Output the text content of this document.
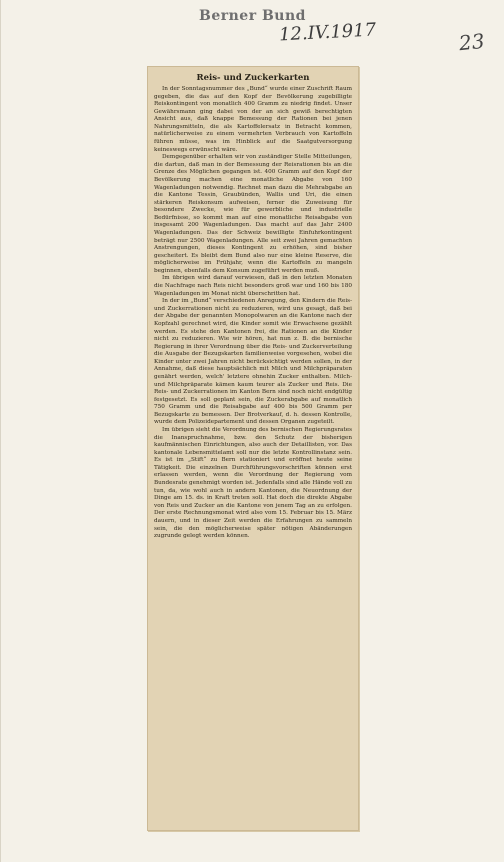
Berner Bund
12.IV.1917	23
Reis- und Zuckerkarten

In der Sonntagsnummer des „Bund“ wurde einer Zuschrift Raum gegeben, die das auf den Kopf der Bevölkerung zugebilligte Reiskontingent von monatlich 400 Gramm zu niedrig findet. Unser Gewährsmann ging dabei von der an sich gewiß berechtigten Ansicht aus, daß knappe Bemessung der Rationen bei jenen Nahrungsmitteln, die als Kartoffelersatz in Betracht kommen, natürlicherweise zu einem vermehrten Verbrauch von Kartoffeln führen müsse, was im Hinblick auf die Saatgutversorgung keineswegs erwünscht wäre.

Demgegenüber erhalten wir von zuständiger Stelle Mitteilungen, die dartun, daß man in der Bemessung der Reisrationen bis an die Grenze des Möglichen gegangen ist. 400 Gramm auf den Kopf der Bevölkerung machen eine monatliche Abgabe von 160 Wagenladungen notwendig. Rechnet man dazu die Mehrabgabe an die Kantone Tessin, Graubünden, Wallis und Uri, die einen stärkeren Reiskonsum aufweisen, ferner die Zuweisung für besondere Zwecke, wie für gewerbliche und industrielle Bedürfnisse, so kommt man auf eine monatliche Reisabgabe von insgesamt 200 Wagenladungen. Das macht auf das Jahr 2400 Wagenladungen. Das der Schweiz bewilligte Einfuhrkontingent beträgt nur 2500 Wagenladungen. Alle seit zwei Jahren gemachten Anstrengungen, dieses Kontingent zu erhöhen, sind bisher gescheitert. Es bleibt dem Bund also nur eine kleine Reserve, die möglicherweise im Frühjahr, wenn die Kartoffeln zu mangeln beginnen, ebenfalls dem Konsum zugeführt werden muß.

Im übrigen wird darauf verwiesen, daß in den letzten Monaten die Nachfrage nach Reis nicht besonders groß war und 160 bis 180 Wagenladungen im Monat nicht überschritten hat.

In der im „Bund“ verschiedenen Anregung, den Kindern die Reis- und Zuckerrationen nicht zu reduzieren, wird uns gesagt, daß bei der Abgabe der genannten Monopolwaren an die Kantone nach der Kopfzahl gerechnet wird, die Kinder somit wie Erwachsene gezählt werden. Es stehe den Kantonen frei, die Rationen an die Kinder nicht zu reduzieren. Wie wir hören, hat nun z. B. die bernische Regierung in ihrer Verordnung über die Reis- und Zuckerverteilung die Ausgabe der Bezugskarten familienweise vorgesehen, wobei die Kinder unter zwei Jahren nicht berücksichtigt werden sollen, in der Annahme, daß diese hauptsächlich mit Milch und Milchpräparaten genährt werden, welch' letztere ohnehin Zucker enthalten. Milch- und Milchpräparate kämen kaum teurer als Zucker und Reis. Die Reis- und Zuckerrationen im Kanton Bern sind noch nicht endgültig festgesetzt. Es soll geplant sein, die Zuckerabgabe auf monatlich 750 Gramm und die Reisabgabe auf 400 bis 500 Gramm per Bezugskarte zu bemessen. Der Brotverkauf, d. h. dessen Kontrolle, wurde dem Polizeidepartement und dessen Organen zugeteilt.

Im übrigen sieht die Verordnung des bernischen Regierungsrates die Inanspruchnahme, bzw. den Schutz der bisherigen kaufmännischen Einrichtungen, also auch der Detaillisten, vor. Das kantonale Lebensmittelamt soll nur die letzte Kontrollinstanz sein. Es ist im „Stift“ zu Bern stationiert und eröffnet heute seine Tätigkeit. Die einzelnen Durchführungsvorschriften können erst erlassen werden, wenn die Verordnung der Regierung vom Bundesrate genehmigt worden ist. Jedenfalls sind alle Hände voll zu tun, da, wie wohl auch in andern Kantonen, die Neuordnung der Dinge am 15. ds. in Kraft treten soll. Hat doch die direkte Abgabe von Reis und Zucker an die Kantone von jenem Tag an zu erfolgen. Der erste Rechnungsmonat wird also vom 15. Februar bis 15. März dauern, und in dieser Zeit werden die Erfahrungen zu sammeln sein, die den möglicherweise später nötigen Abänderungen zugrunde gelegt werden können.
